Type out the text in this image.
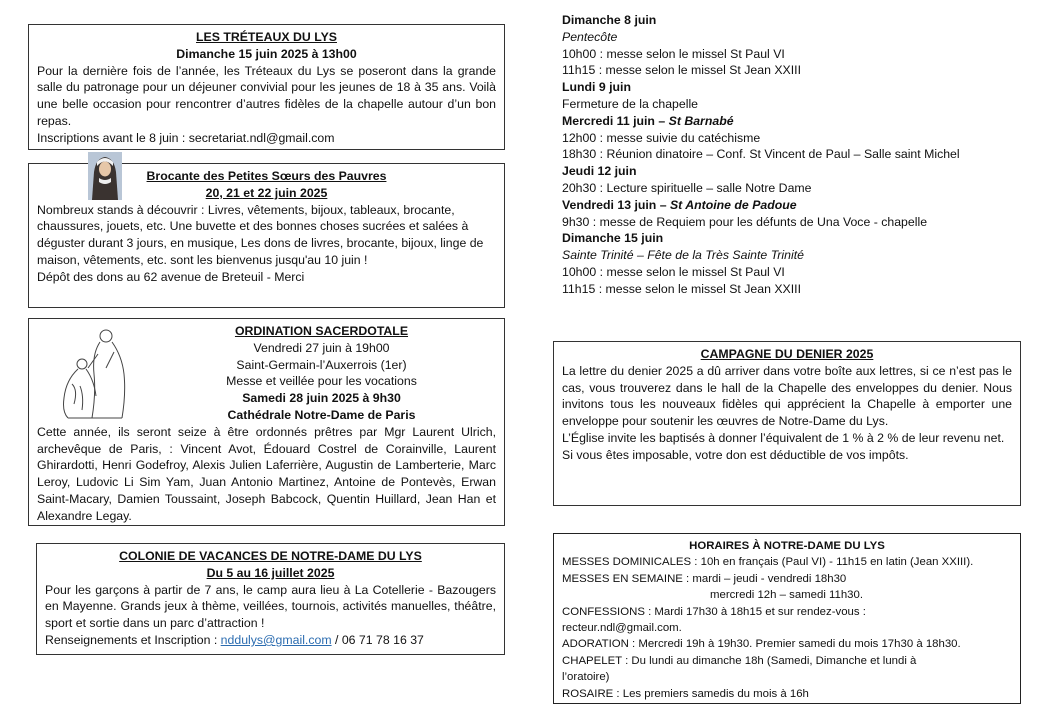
LES TRÉTEAUX DU LYS
Dimanche 15 juin 2025 à 13h00
Pour la dernière fois de l’année, les Tréteaux du Lys se poseront dans la grande salle du patronage pour un déjeuner convivial pour les jeunes de 18 à 35 ans. Voilà une belle occasion pour rencontrer d’autres fidèles de la chapelle autour d’un bon repas.
Inscriptions avant le 8 juin : secretariat.ndl@gmail.com
Brocante des Petites Sœurs des Pauvres
20, 21 et 22 juin 2025
Nombreux stands à découvrir : Livres, vêtements, bijoux, tableaux, brocante, chaussures, jouets, etc. Une buvette et des bonnes choses sucrées et salées à déguster durant 3 jours, en musique, Les dons de livres, brocante, bijoux, linge de maison, vêtements, etc. sont les bienvenus jusqu'au 10 juin !
Dépôt des dons au 62 avenue de Breteuil - Merci
ORDINATION SACERDOTALE
Vendredi 27 juin à 19h00
Saint-Germain-l’Auxerrois (1er)
Messe et veillée pour les vocations
Samedi 28 juin 2025 à 9h30
Cathédrale Notre-Dame de Paris
Cette année, ils seront seize à être ordonnés prêtres par Mgr Laurent Ulrich, archevêque de Paris, : Vincent Avot, Édouard Costrel de Corainville, Laurent Ghirardotti, Henri Godefroy, Alexis Julien Laferrière, Augustin de Lamberterie, Marc Leroy, Ludovic Li Sim Yam, Juan Antonio Martinez, Antoine de Pontevès, Erwan Saint-Macary, Damien Toussaint, Joseph Babcock, Quentin Huillard, Jean Han et Alexandre Legay.
COLONIE DE VACANCES DE NOTRE-DAME DU LYS
Du 5 au 16 juillet 2025
Pour les garçons à partir de 7 ans, le camp aura lieu à La Cotellerie - Bazougers en Mayenne. Grands jeux à thème, veillées, tournois, activités manuelles, théâtre, sport et sortie dans un parc d’attraction !
Renseignements et Inscription : nddulys@gmail.com / 06 71 78 16 37
Dimanche 8 juin
Pentecôte
10h00 : messe selon le missel St Paul VI
11h15 : messe selon le missel St Jean XXIII
Lundi 9 juin
Fermeture de la chapelle
Mercredi 11 juin – St Barnabé
12h00 : messe suivie du catéchisme
18h30 : Réunion dinatoire – Conf. St Vincent de Paul – Salle saint Michel
Jeudi 12 juin
20h30 : Lecture spirituelle – salle Notre Dame
Vendredi 13 juin – St Antoine de Padoue
9h30 : messe de Requiem pour les défunts de Una Voce - chapelle
Dimanche 15 juin
Sainte Trinité – Fête de la Très Sainte Trinité
10h00 : messe selon le missel St Paul VI
11h15 : messe selon le missel St Jean XXIII
CAMPAGNE DU DENIER 2025
La lettre du denier 2025 a dû arriver dans votre boîte aux lettres, si ce n’est pas le cas, vous trouverez dans le hall de la Chapelle des enveloppes du denier. Nous invitons tous les nouveaux fidèles qui apprécient la Chapelle à emporter une enveloppe pour soutenir les œuvres de Notre-Dame du Lys.
L’Église invite les baptisés à donner l’équivalent de 1 % à 2 % de leur revenu net.
Si vous êtes imposable, votre don est déductible de vos impôts.
HORAIRES À NOTRE-DAME DU LYS
MESSES DOMINICALES : 10h en français (Paul VI) - 11h15 en latin (Jean XXIII).
MESSES EN SEMAINE : mardi – jeudi - vendredi 18h30
mercredi 12h – samedi 11h30.
CONFESSIONS : Mardi 17h30 à 18h15 et sur rendez-vous :
recteur.ndl@gmail.com.
ADORATION : Mercredi 19h à 19h30. Premier samedi du mois 17h30 à 18h30.
CHAPELET : Du lundi au dimanche 18h (Samedi, Dimanche et lundi à
l’oratoire)
ROSAIRE : Les premiers samedis du mois à 16h
